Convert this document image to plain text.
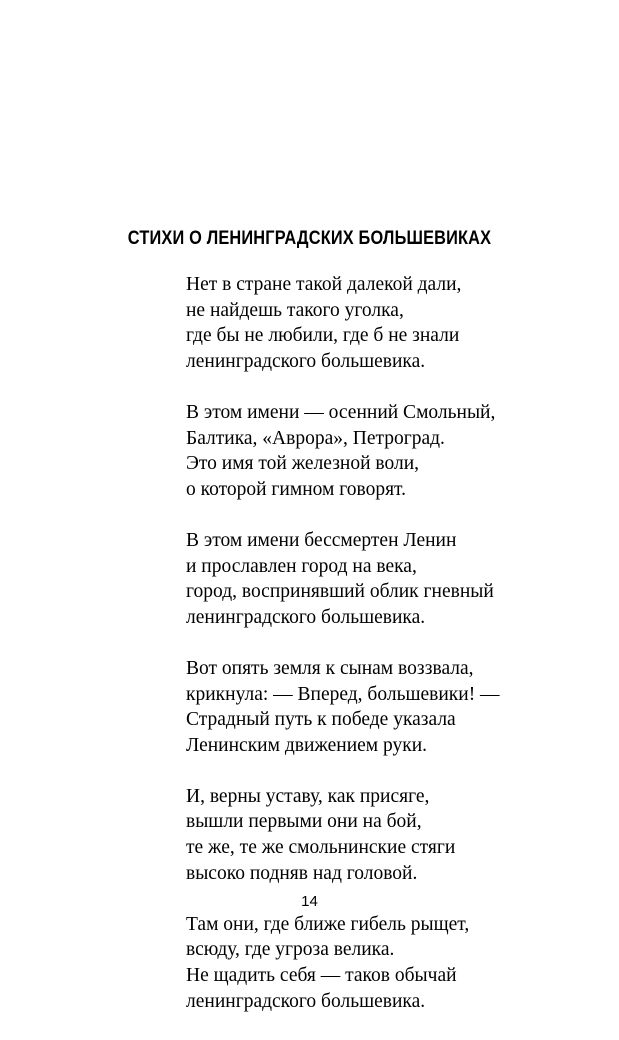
СТИХИ О ЛЕНИНГРАДСКИХ БОЛЬШЕВИКАХ
Нет в стране такой далекой дали,
не найдешь такого уголка,
где бы не любили, где б не знали
ленинградского большевика.
В этом имени — осенний Смольный,
Балтика, «Аврора», Петроград.
Это имя той железной воли,
о которой гимном говорят.
В этом имени бессмертен Ленин
и прославлен город на века,
город, воспринявший облик гневный
ленинградского большевика.
Вот опять земля к сынам воззвала,
крикнула: — Вперед, большевики! —
Страдный путь к победе указала
Ленинским движением руки.
И, верны уставу, как присяге,
вышли первыми они на бой,
те же, те же смольнинские стяги
высоко подняв над головой.
Там они, где ближе гибель рыщет,
всюду, где угроза велика.
Не щадить себя — таков обычай
ленинградского большевика.
14
